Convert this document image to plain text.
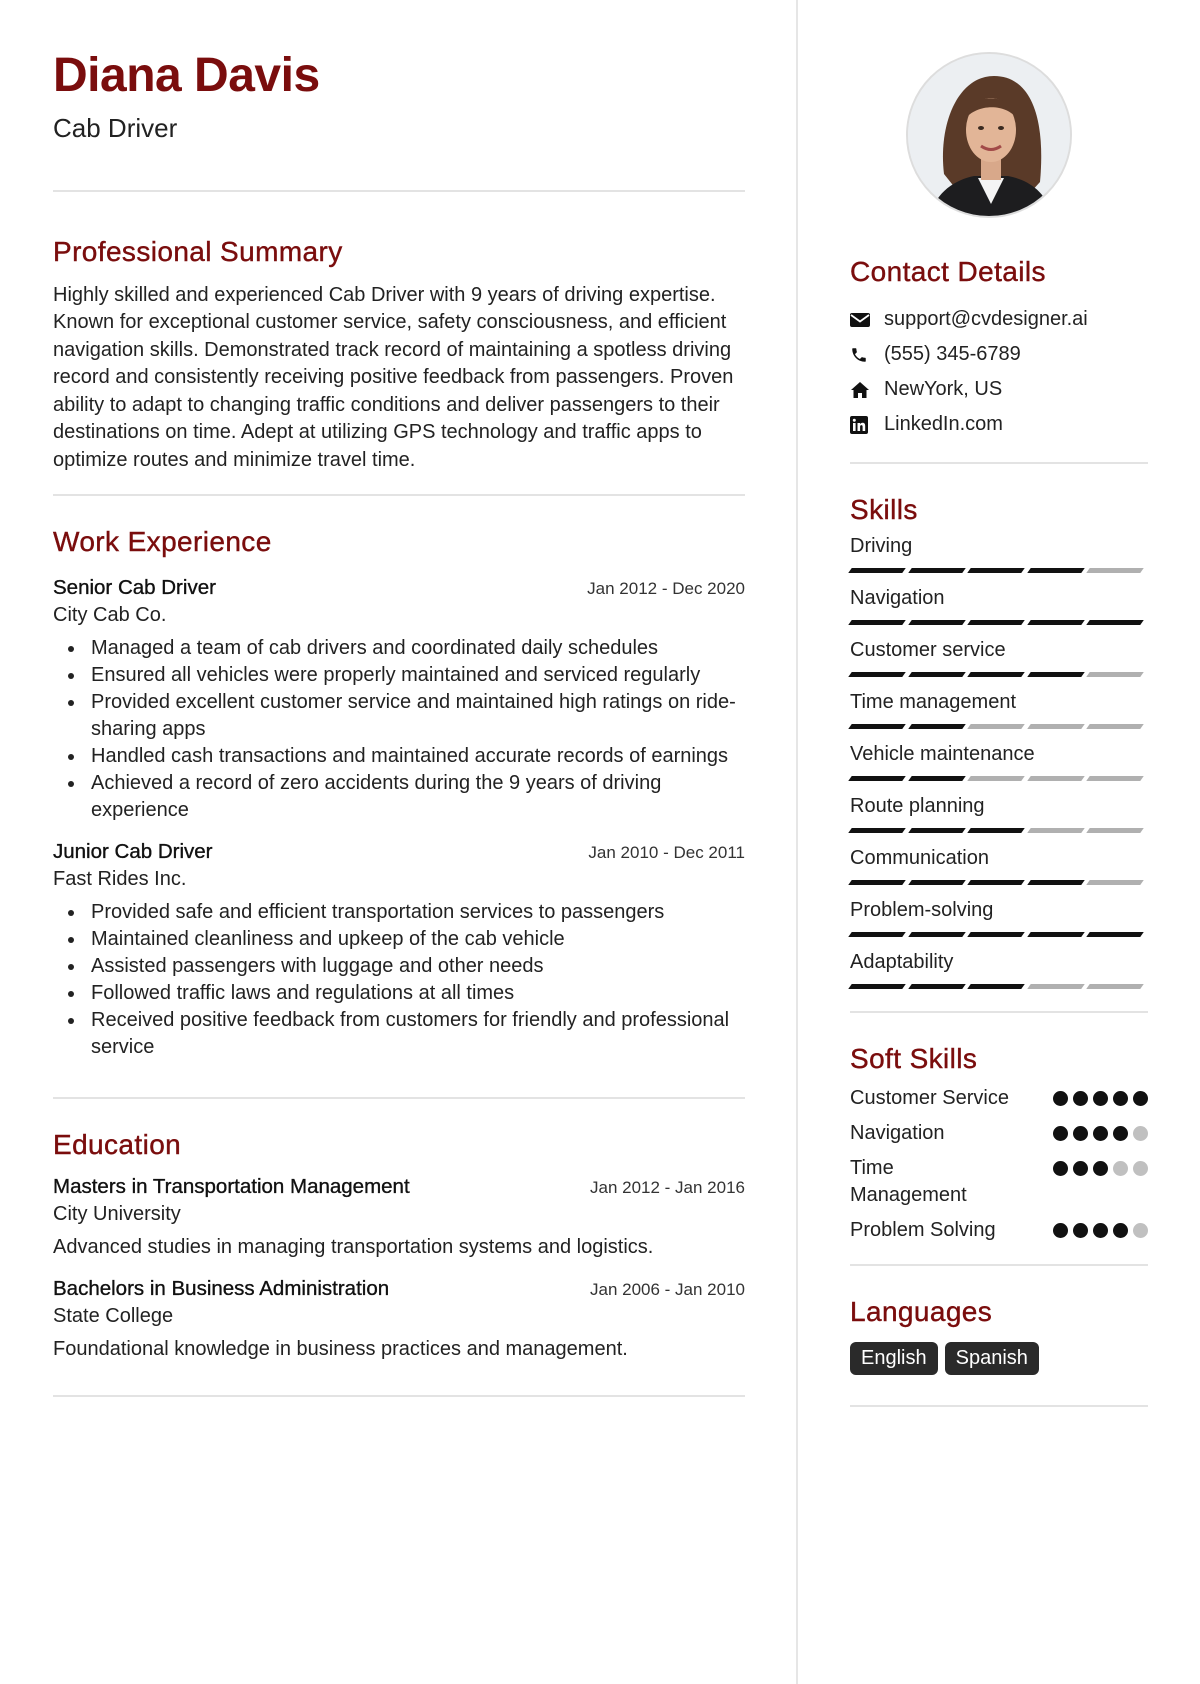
Diana Davis
Cab Driver
Professional Summary

Highly skilled and experienced Cab Driver with 9 years of driving expertise. Known for exceptional customer service, safety consciousness, and efficient navigation skills. Demonstrated track record of maintaining a spotless driving record and consistently receiving positive feedback from passengers. Proven ability to adapt to changing traffic conditions and deliver passengers to their destinations on time. Adept at utilizing GPS technology and traffic apps to optimize routes and minimize travel time.

Work Experience
Senior Cab Driver	Jan 2012 - Dec 2020
City Cab Co.
Managed a team of cab drivers and coordinated daily schedules
Ensured all vehicles were properly maintained and serviced regularly
Provided excellent customer service and maintained high ratings on ride-sharing apps
Handled cash transactions and maintained accurate records of earnings
Achieved a record of zero accidents during the 9 years of driving experience
Junior Cab Driver	Jan 2010 - Dec 2011
Fast Rides Inc.
Provided safe and efficient transportation services to passengers
Maintained cleanliness and upkeep of the cab vehicle
Assisted passengers with luggage and other needs
Followed traffic laws and regulations at all times
Received positive feedback from customers for friendly and professional service
Education
Masters in Transportation Management	Jan 2012 - Jan 2016
City University
Advanced studies in managing transportation systems and logistics.
Bachelors in Business Administration	Jan 2006 - Jan 2010
State College
Foundational knowledge in business practices and management.
Contact Details
support@cvdesigner.ai
(555) 345-6789
NewYork, US
LinkedIn.com
Skills
Driving
Navigation
Customer service
Time management
Vehicle maintenance
Route planning
Communication
Problem-solving
Adaptability
Soft Skills
Customer Service
Navigation
Time Management
Problem Solving
Languages
English	Spanish
